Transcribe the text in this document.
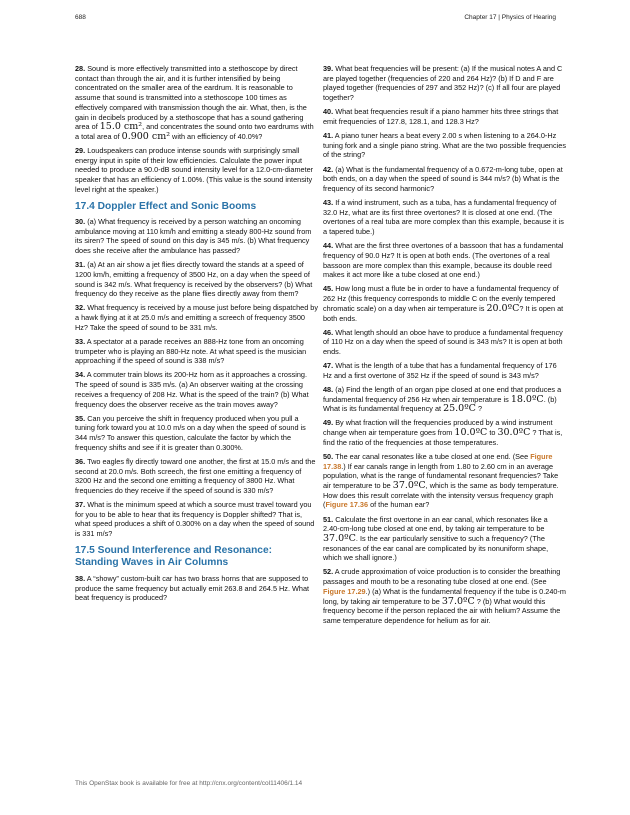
688	Chapter 17 | Physics of Hearing

28. Sound is more effectively transmitted into a stethoscope by direct contact than through the air, and it is further intensified by being concentrated on the smaller area of the eardrum. It is reasonable to assume that sound is transmitted into a stethoscope 100 times as effectively compared with transmission though the air. What, then, is the gain in decibels produced by a stethoscope that has a sound gathering area of 15.0 cm², and concentrates the sound onto two eardrums with a total area of 0.900 cm² with an efficiency of 40.0%?

29. Loudspeakers can produce intense sounds with surprisingly small energy input in spite of their low efficiencies. Calculate the power input needed to produce a 90.0-dB sound intensity level for a 12.0-cm-diameter speaker that has an efficiency of 1.00%. (This value is the sound intensity level right at the speaker.)

17.4 Doppler Effect and Sonic Booms

30. (a) What frequency is received by a person watching an oncoming ambulance moving at 110 km/h and emitting a steady 800-Hz sound from its siren? The speed of sound on this day is 345 m/s. (b) What frequency does she receive after the ambulance has passed?

31. (a) At an air show a jet flies directly toward the stands at a speed of 1200 km/h, emitting a frequency of 3500 Hz, on a day when the speed of sound is 342 m/s. What frequency is received by the observers? (b) What frequency do they receive as the plane flies directly away from them?

32. What frequency is received by a mouse just before being dispatched by a hawk flying at it at 25.0 m/s and emitting a screech of frequency 3500 Hz? Take the speed of sound to be 331 m/s.

33. A spectator at a parade receives an 888-Hz tone from an oncoming trumpeter who is playing an 880-Hz note. At what speed is the musician approaching if the speed of sound is 338 m/s?

34. A commuter train blows its 200-Hz horn as it approaches a crossing. The speed of sound is 335 m/s. (a) An observer waiting at the crossing receives a frequency of 208 Hz. What is the speed of the train? (b) What frequency does the observer receive as the train moves away?

35. Can you perceive the shift in frequency produced when you pull a tuning fork toward you at 10.0 m/s on a day when the speed of sound is 344 m/s? To answer this question, calculate the factor by which the frequency shifts and see if it is greater than 0.300%.

36. Two eagles fly directly toward one another, the first at 15.0 m/s and the second at 20.0 m/s. Both screech, the first one emitting a frequency of 3200 Hz and the second one emitting a frequency of 3800 Hz. What frequencies do they receive if the speed of sound is 330 m/s?

37. What is the minimum speed at which a source must travel toward you for you to be able to hear that its frequency is Doppler shifted? That is, what speed produces a shift of 0.300% on a day when the speed of sound is 331 m/s?

17.5 Sound Interference and Resonance: Standing Waves in Air Columns

38. A “showy” custom-built car has two brass horns that are supposed to produce the same frequency but actually emit 263.8 and 264.5 Hz. What beat frequency is produced?

39. What beat frequencies will be present: (a) If the musical notes A and C are played together (frequencies of 220 and 264 Hz)? (b) If D and F are played together (frequencies of 297 and 352 Hz)? (c) If all four are played together?

40. What beat frequencies result if a piano hammer hits three strings that emit frequencies of 127.8, 128.1, and 128.3 Hz?

41. A piano tuner hears a beat every 2.00 s when listening to a 264.0-Hz tuning fork and a single piano string. What are the two possible frequencies of the string?

42. (a) What is the fundamental frequency of a 0.672-m-long tube, open at both ends, on a day when the speed of sound is 344 m/s? (b) What is the frequency of its second harmonic?

43. If a wind instrument, such as a tuba, has a fundamental frequency of 32.0 Hz, what are its first three overtones? It is closed at one end. (The overtones of a real tuba are more complex than this example, because it is a tapered tube.)

44. What are the first three overtones of a bassoon that has a fundamental frequency of 90.0 Hz? It is open at both ends. (The overtones of a real bassoon are more complex than this example, because its double reed makes it act more like a tube closed at one end.)

45. How long must a flute be in order to have a fundamental frequency of 262 Hz (this frequency corresponds to middle C on the evenly tempered chromatic scale) on a day when air temperature is 20.0ºC? It is open at both ends.

46. What length should an oboe have to produce a fundamental frequency of 110 Hz on a day when the speed of sound is 343 m/s? It is open at both ends.

47. What is the length of a tube that has a fundamental frequency of 176 Hz and a first overtone of 352 Hz if the speed of sound is 343 m/s?

48. (a) Find the length of an organ pipe closed at one end that produces a fundamental frequency of 256 Hz when air temperature is 18.0ºC. (b) What is its fundamental frequency at 25.0ºC ?

49. By what fraction will the frequencies produced by a wind instrument change when air temperature goes from 10.0ºC to 30.0ºC ? That is, find the ratio of the frequencies at those temperatures.

50. The ear canal resonates like a tube closed at one end. (See Figure 17.38.) If ear canals range in length from 1.80 to 2.60 cm in an average population, what is the range of fundamental resonant frequencies? Take air temperature to be 37.0ºC, which is the same as body temperature. How does this result correlate with the intensity versus frequency graph (Figure 17.36 of the human ear?

51. Calculate the first overtone in an ear canal, which resonates like a 2.40-cm-long tube closed at one end, by taking air temperature to be 37.0ºC. Is the ear particularly sensitive to such a frequency? (The resonances of the ear canal are complicated by its nonuniform shape, which we shall ignore.)

52. A crude approximation of voice production is to consider the breathing passages and mouth to be a resonating tube closed at one end. (See Figure 17.29.) (a) What is the fundamental frequency if the tube is 0.240-m long, by taking air temperature to be 37.0ºC ? (b) What would this frequency become if the person replaced the air with helium? Assume the same temperature dependence for helium as for air.

This OpenStax book is available for free at http://cnx.org/content/col11406/1.14
